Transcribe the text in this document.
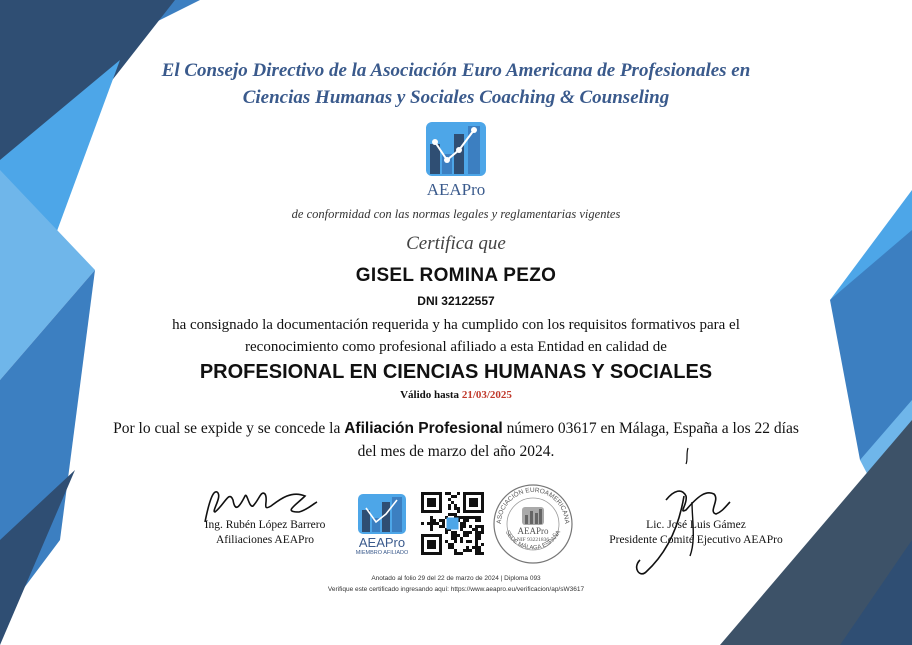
El Consejo Directivo de la Asociación Euro Americana de Profesionales en

Ciencias Humanas y Sociales Coaching & Counseling

AEAPro

de conformidad con las normas legales y reglamentarias vigentes

Certifica que

GISEL ROMINA PEZO

DNI 32122557

ha consignado la documentación requerida y ha cumplido con los requisitos formativos para el

reconocimiento como profesional afiliado a esta Entidad en calidad de

PROFESIONAL EN CIENCIAS HUMANAS Y SOCIALES

Válido hasta 21/03/2025

Por lo cual se expide y se concede la Afiliación Profesional número 03617 en Málaga, España a los 22 días

del mes de marzo del año 2024.

Ing. Rubén López Barrero
Afiliaciones AEAPro	AEAPro
MIEMBRO AFILIADO
ASOCIACIÓN EUROAMERICANA
SEDE MÁLAGA ESPAÑA
AEAPro
NIF 93221836
Lic. José Luis Gámez
Presidente Comité Ejecutivo AEAPro

Anotado al folio 29 del 22 de marzo de 2024 | Diploma 093

Verifique este certificado ingresando aquí: https://www.aeapro.eu/verificacion/ap/sW3617
